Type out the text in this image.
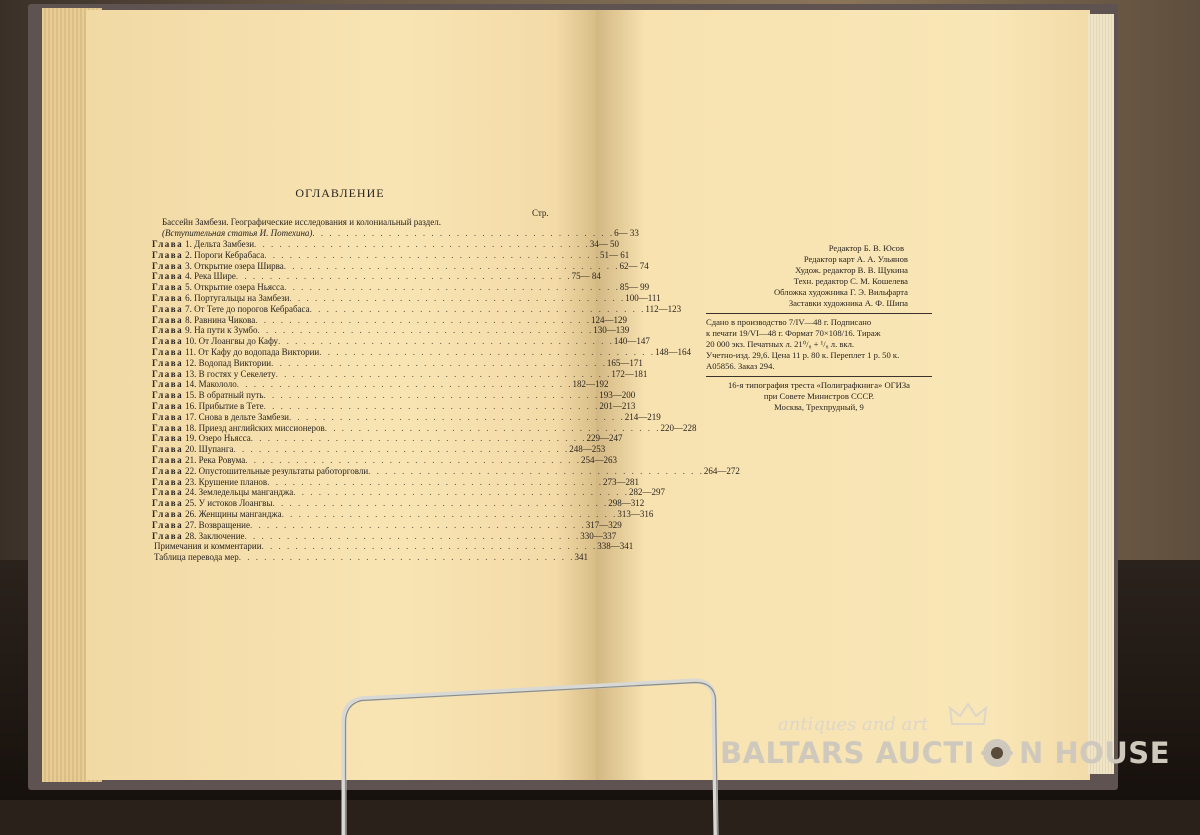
ОГЛАВЛЕНИЕ
Стр.
Бассейн Замбези. Географические исследования и колониальный раздел.
(Вступительная статья И. Потехина) . . . . . . . . . . . . . . . . . . . . . . . . . . . . . . . . . . . . 6— 33
Глава 1. Дельта Замбези . . . . . . . . . . . . . . . . . . . . . . . . . . . . . . . . . . . . . . . . 34— 50
Глава 2. Пороги Кебрабаса . . . . . . . . . . . . . . . . . . . . . . . . . . . . . . . . . . . . . . . . 51— 61
Глава 3. Открытие озера Ширва . . . . . . . . . . . . . . . . . . . . . . . . . . . . . . . . . . . . . . . . 62— 74
Глава 4. Река Шире . . . . . . . . . . . . . . . . . . . . . . . . . . . . . . . . . . . . . . . . 75— 84
Глава 5. Открытие озера Ньясса . . . . . . . . . . . . . . . . . . . . . . . . . . . . . . . . . . . . . . . . 85— 99
Глава 6. Португальцы на Замбези . . . . . . . . . . . . . . . . . . . . . . . . . . . . . . . . . . . . . . . . 100—111
Глава 7. От Тете до порогов Кебрабаса . . . . . . . . . . . . . . . . . . . . . . . . . . . . . . . . . . . . . . . . 112—123
Глава 8. Равнина Чикова . . . . . . . . . . . . . . . . . . . . . . . . . . . . . . . . . . . . . . . . 124—129
Глава 9. На пути к Зумбо . . . . . . . . . . . . . . . . . . . . . . . . . . . . . . . . . . . . . . . . 130—139
Глава 10. От Лоангвы до Кафу . . . . . . . . . . . . . . . . . . . . . . . . . . . . . . . . . . . . . . . . 140—147
Глава 11. От Кафу до водопада Виктории . . . . . . . . . . . . . . . . . . . . . . . . . . . . . . . . . . . . . . . . 148—164
Глава 12. Водопад Виктории . . . . . . . . . . . . . . . . . . . . . . . . . . . . . . . . . . . . . . . . 165—171
Глава 13. В гостях у Секелету . . . . . . . . . . . . . . . . . . . . . . . . . . . . . . . . . . . . . . . . 172—181
Глава 14. Макололо . . . . . . . . . . . . . . . . . . . . . . . . . . . . . . . . . . . . . . . . 182—192
Глава 15. В обратный путь . . . . . . . . . . . . . . . . . . . . . . . . . . . . . . . . . . . . . . . . 193—200
Глава 16. Прибытие в Тете . . . . . . . . . . . . . . . . . . . . . . . . . . . . . . . . . . . . . . . . 201—213
Глава 17. Снова в дельте Замбези . . . . . . . . . . . . . . . . . . . . . . . . . . . . . . . . . . . . . . . . 214—219
Глава 18. Приезд английских миссионеров . . . . . . . . . . . . . . . . . . . . . . . . . . . . . . . . . . . . . . . . 220—228
Глава 19. Озеро Ньясса . . . . . . . . . . . . . . . . . . . . . . . . . . . . . . . . . . . . . . . . 229—247
Глава 20. Шупанга . . . . . . . . . . . . . . . . . . . . . . . . . . . . . . . . . . . . . . . . 248—253
Глава 21. Река Ровума . . . . . . . . . . . . . . . . . . . . . . . . . . . . . . . . . . . . . . . . 254—263
Глава 22. Опустошительные результаты работорговли . . . . . . . . . . . . . . . . . . . . . . . . . . . . . . . . . . . . . . . . 264—272
Глава 23. Крушение планов . . . . . . . . . . . . . . . . . . . . . . . . . . . . . . . . . . . . . . . . 273—281
Глава 24. Земледельцы манганджа . . . . . . . . . . . . . . . . . . . . . . . . . . . . . . . . . . . . . . . . 282—297
Глава 25. У истоков Лоангвы . . . . . . . . . . . . . . . . . . . . . . . . . . . . . . . . . . . . . . . . 298—312
Глава 26. Женщины манганджа . . . . . . . . . . . . . . . . . . . . . . . . . . . . . . . . . . . . . . . . 313—316
Глава 27. Возвращение . . . . . . . . . . . . . . . . . . . . . . . . . . . . . . . . . . . . . . . . 317—329
Глава 28. Заключение . . . . . . . . . . . . . . . . . . . . . . . . . . . . . . . . . . . . . . . . 330—337
Примечания и комментарии . . . . . . . . . . . . . . . . . . . . . . . . . . . . . . . . . . . . . . . . 338—341
Таблица перевода мер . . . . . . . . . . . . . . . . . . . . . . . . . . . . . . . . . . . . . . . . 341
Редактор Б. В. Юсов
Редактор карт А. А. Ульянов
Худож. редактор В. В. Щукина
Техн. редактор С. М. Кошелева
Обложка художника Г. Э. Вильфарта
Заставки художника А. Ф. Шипа
Сдано в производство 7/IV—48 г. Подписано
к печати 19/VI—48 г. Формат 70×108/16. Тираж
20 000 экз. Печатных л. 21⁰/₈ + ¹/₈ л. вкл.
Учетно-изд. 29,6. Цена 11 р. 80 к. Переплет 1 р. 50 к.
А05856. Заказ 294.
16-я типография треста «Полиграфкнига» ОГИЗа
при Совете Министров СССР.
Москва, Трехпрудный, 9
antiques and art
BALTARS AUCTI N HOUSE
